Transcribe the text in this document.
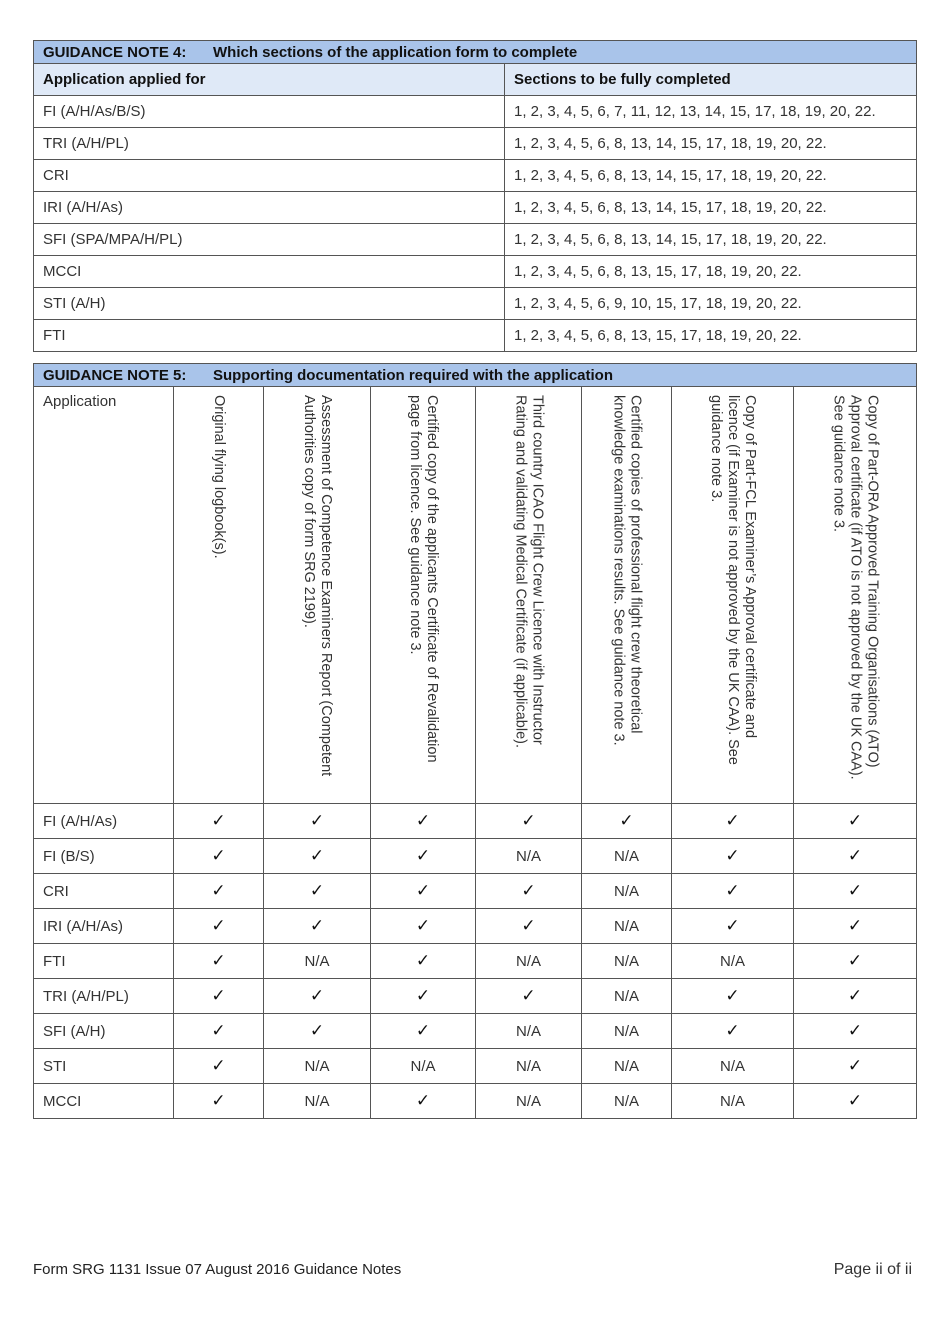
GUIDANCE NOTE 4: Which sections of the application form to complete	
Application applied for	Sections to be fully completed
FI (A/H/As/B/S)	1, 2, 3, 4, 5, 6, 7, 11, 12, 13, 14, 15, 17, 18, 19, 20, 22.
TRI (A/H/PL)	1, 2, 3, 4, 5, 6, 8, 13, 14, 15, 17, 18, 19, 20, 22.
CRI	1, 2, 3, 4, 5, 6, 8, 13, 14, 15, 17, 18, 19, 20, 22.
IRI (A/H/As)	1, 2, 3, 4, 5, 6, 8, 13, 14, 15, 17, 18, 19, 20, 22.
SFI (SPA/MPA/H/PL)	1, 2, 3, 4, 5, 6, 8, 13, 14, 15, 17, 18, 19, 20, 22.
MCCI	1, 2, 3, 4, 5, 6, 8, 13, 15, 17, 18, 19, 20, 22.
STI (A/H)	1, 2, 3, 4, 5, 6, 9, 10, 15, 17, 18, 19, 20, 22.
FTI	1, 2, 3, 4, 5, 6, 8, 13, 15, 17, 18, 19, 20, 22.
GUIDANCE NOTE 5: Supporting documentation required with the application							
Application	Original flying logbook(s).	Assessment of Competence Examiners Report (Competent Authorities copy of form SRG 2199).	Certified copy of the applicants Certificate of Revalidation page from licence. See guidance note 3.	Third country ICAO Flight Crew Licence with Instructor Rating and validating Medical Certificate (if applicable).	Certified copies of professional flight crew theoretical knowledge examinations results. See guidance note 3.	Copy of Part-FCL Examiner’s Approval certificate and licence (if Examiner is not approved by the UK CAA). See guidance note 3.	Copy of Part-ORA Approved Training Organisations (ATO) Approval certificate (if ATO is not approved by the UK CAA). See guidance note 3.

FI (A/H/As)	✓	✓	✓	✓	✓	✓	✓
FI (B/S)	✓	✓	✓	N/A	N/A	✓	✓
CRI	✓	✓	✓	✓	N/A	✓	✓
IRI (A/H/As)	✓	✓	✓	✓	N/A	✓	✓
FTI	✓	N/A	✓	N/A	N/A	N/A	✓
TRI (A/H/PL)	✓	✓	✓	✓	N/A	✓	✓
SFI (A/H)	✓	✓	✓	N/A	N/A	✓	✓
STI	✓	N/A	N/A	N/A	N/A	N/A	✓
MCCI	✓	N/A	✓	N/A	N/A	N/A	✓
Form SRG 1131 Issue 07 August 2016 Guidance Notes	Page ii of ii
